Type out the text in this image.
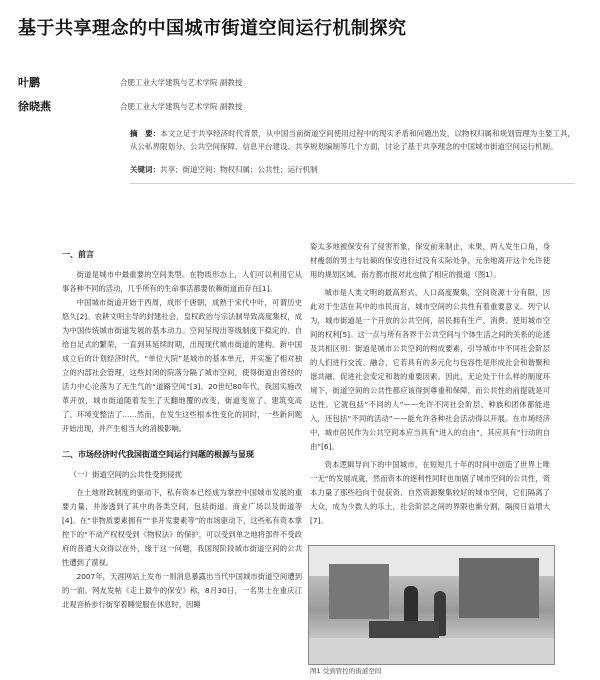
基于共享理念的中国城市街道空间运行机制探究
叶鹏	合肥工业大学建筑与艺术学院 副教授
徐晓燕	合肥工业大学建筑与艺术学院 副教授
摘　要：本文立足于共享经济时代背景，从中国当前街道空间使用过程中的现实矛盾和问题出发，以物权归属和规划管理为主要工具，从公私界限划分、公共空间保障、信息平台建设、共享规划编制等几个方面，讨论了基于共享理念的中国城市街道空间运行机制。
关键词：共享；街道空间；物权归属；公共性；运行机制
一、前言

街道是城市中最重要的空间类型。在物质形态上，人们可以利用它从事各种不同的活动，几乎所有的生命事活都要依赖街道而存在[1]。

中国城市街道开始于西周，成形于唐朝，成熟于宋代中叶，可谓历史悠久[2]。农耕文明主导的封建社会，皇权政治与宗法制导致高度集权，成为中国传统城市街道发展的基本动力。空间呈现出等级制度下稳定的、自给自足式的繁荣，一直到其延续时期，出现现代城市街道的建构。新中国成立后的计划经济时代，“单位大院”是城市的基本单元，并实施了相对独立的内部社会管理，这些封闭的院落分隔了城市空间，使得街道由曾经的活力中心沦落为了无生气的“道路空间”[3]。20世纪80年代，我国实施改革开放，城市街道随着发生了天翻地覆的改变，街道变宽了、建筑变高了、环境变整洁了……然而，在发生这些根本性变化的同时，一些新问题开始出现，并产生相当大的消极影响。

二、市场经济时代我国街道空间运行问题的根源与显现
（一）街道空间的公共性受到侵扰

在土地财政制度的驱动下，私有资本已经成为掌控中国城市发展的重要力量，并渗透到了其中的各类空间，包括街道。商业广场以及街道等[4]。在“非物质要素拥有”“非开发要素等”的市场驱动下，这些私有资本掌控下的“不动产权权受到《物权法》的保护，可以受到单之地将部件不受政府的普通大众得以在外，缘于这一问题，我国现阶段城市街道空间的公共性遭到了漠视。

2007年，天涯网站上发布一则消息暴露出当代中国城市街道空间遭到的一面。网友发帖《走上最牛的保安》称，8月30日，一名男士在重庆江北观音桥步行街穿着睡觉服在休息时，因睡

姿太多地被保安有了侵害形象，保安前来制止，未果，两人发生口角，身材瘦弱的男士与壮硕的保安进行过没有实际处争，元余地离开这个允许使用的规划区域。南方都市报对此也做了相应的报道（图1）。

城市是人类文明的最高形式，人口高度聚集，空间资源十分有限，因此对于生活在其中的市民而言，城市空间的公共性有着重要意义。列宁认为，城市街道是一个开放的公共空间，居民拥有生产、消费、使用城市空间的权利[5]。这一点与所有各界于公共空间与个体生活之间的关系的论述及共相区别：街道是城市公共空间的构成要素，引导城市中不同社会阶层的人们进行交流、融合，它若具有的多元化与包容性是形成社会和谐聚和谐共融，促进社会安定和谐的重要因素。因此，无论处于什么样的制度环境下，街道空间的公共性都应该得到尊重和保障，而公共性的前提就是可达性。它就包括“不同的人”——允许不同社会阶层、种族和团体都能进入，还包括“不同的活动”——能允许各种社会活动得以开展。在市场经济中，城市居民作为公共空间本应当具有“进入的自由”，其应具有“行动的自由”[6]。

资本逻辑导向下的中国城市，在短短几十年的时间中创造了世界上唯一无“的发展成就，然而资本的逐利性同时也加剧了城市空间的公共性，资本力量了那些趋向于促获资、自然资源聚集较好的城市空间，它们隔离了大众，成为少数人的乐土，社会阶层之间的界限也渐分割，隔阂日益增大[7]。

图1 受到管控的街道空间
